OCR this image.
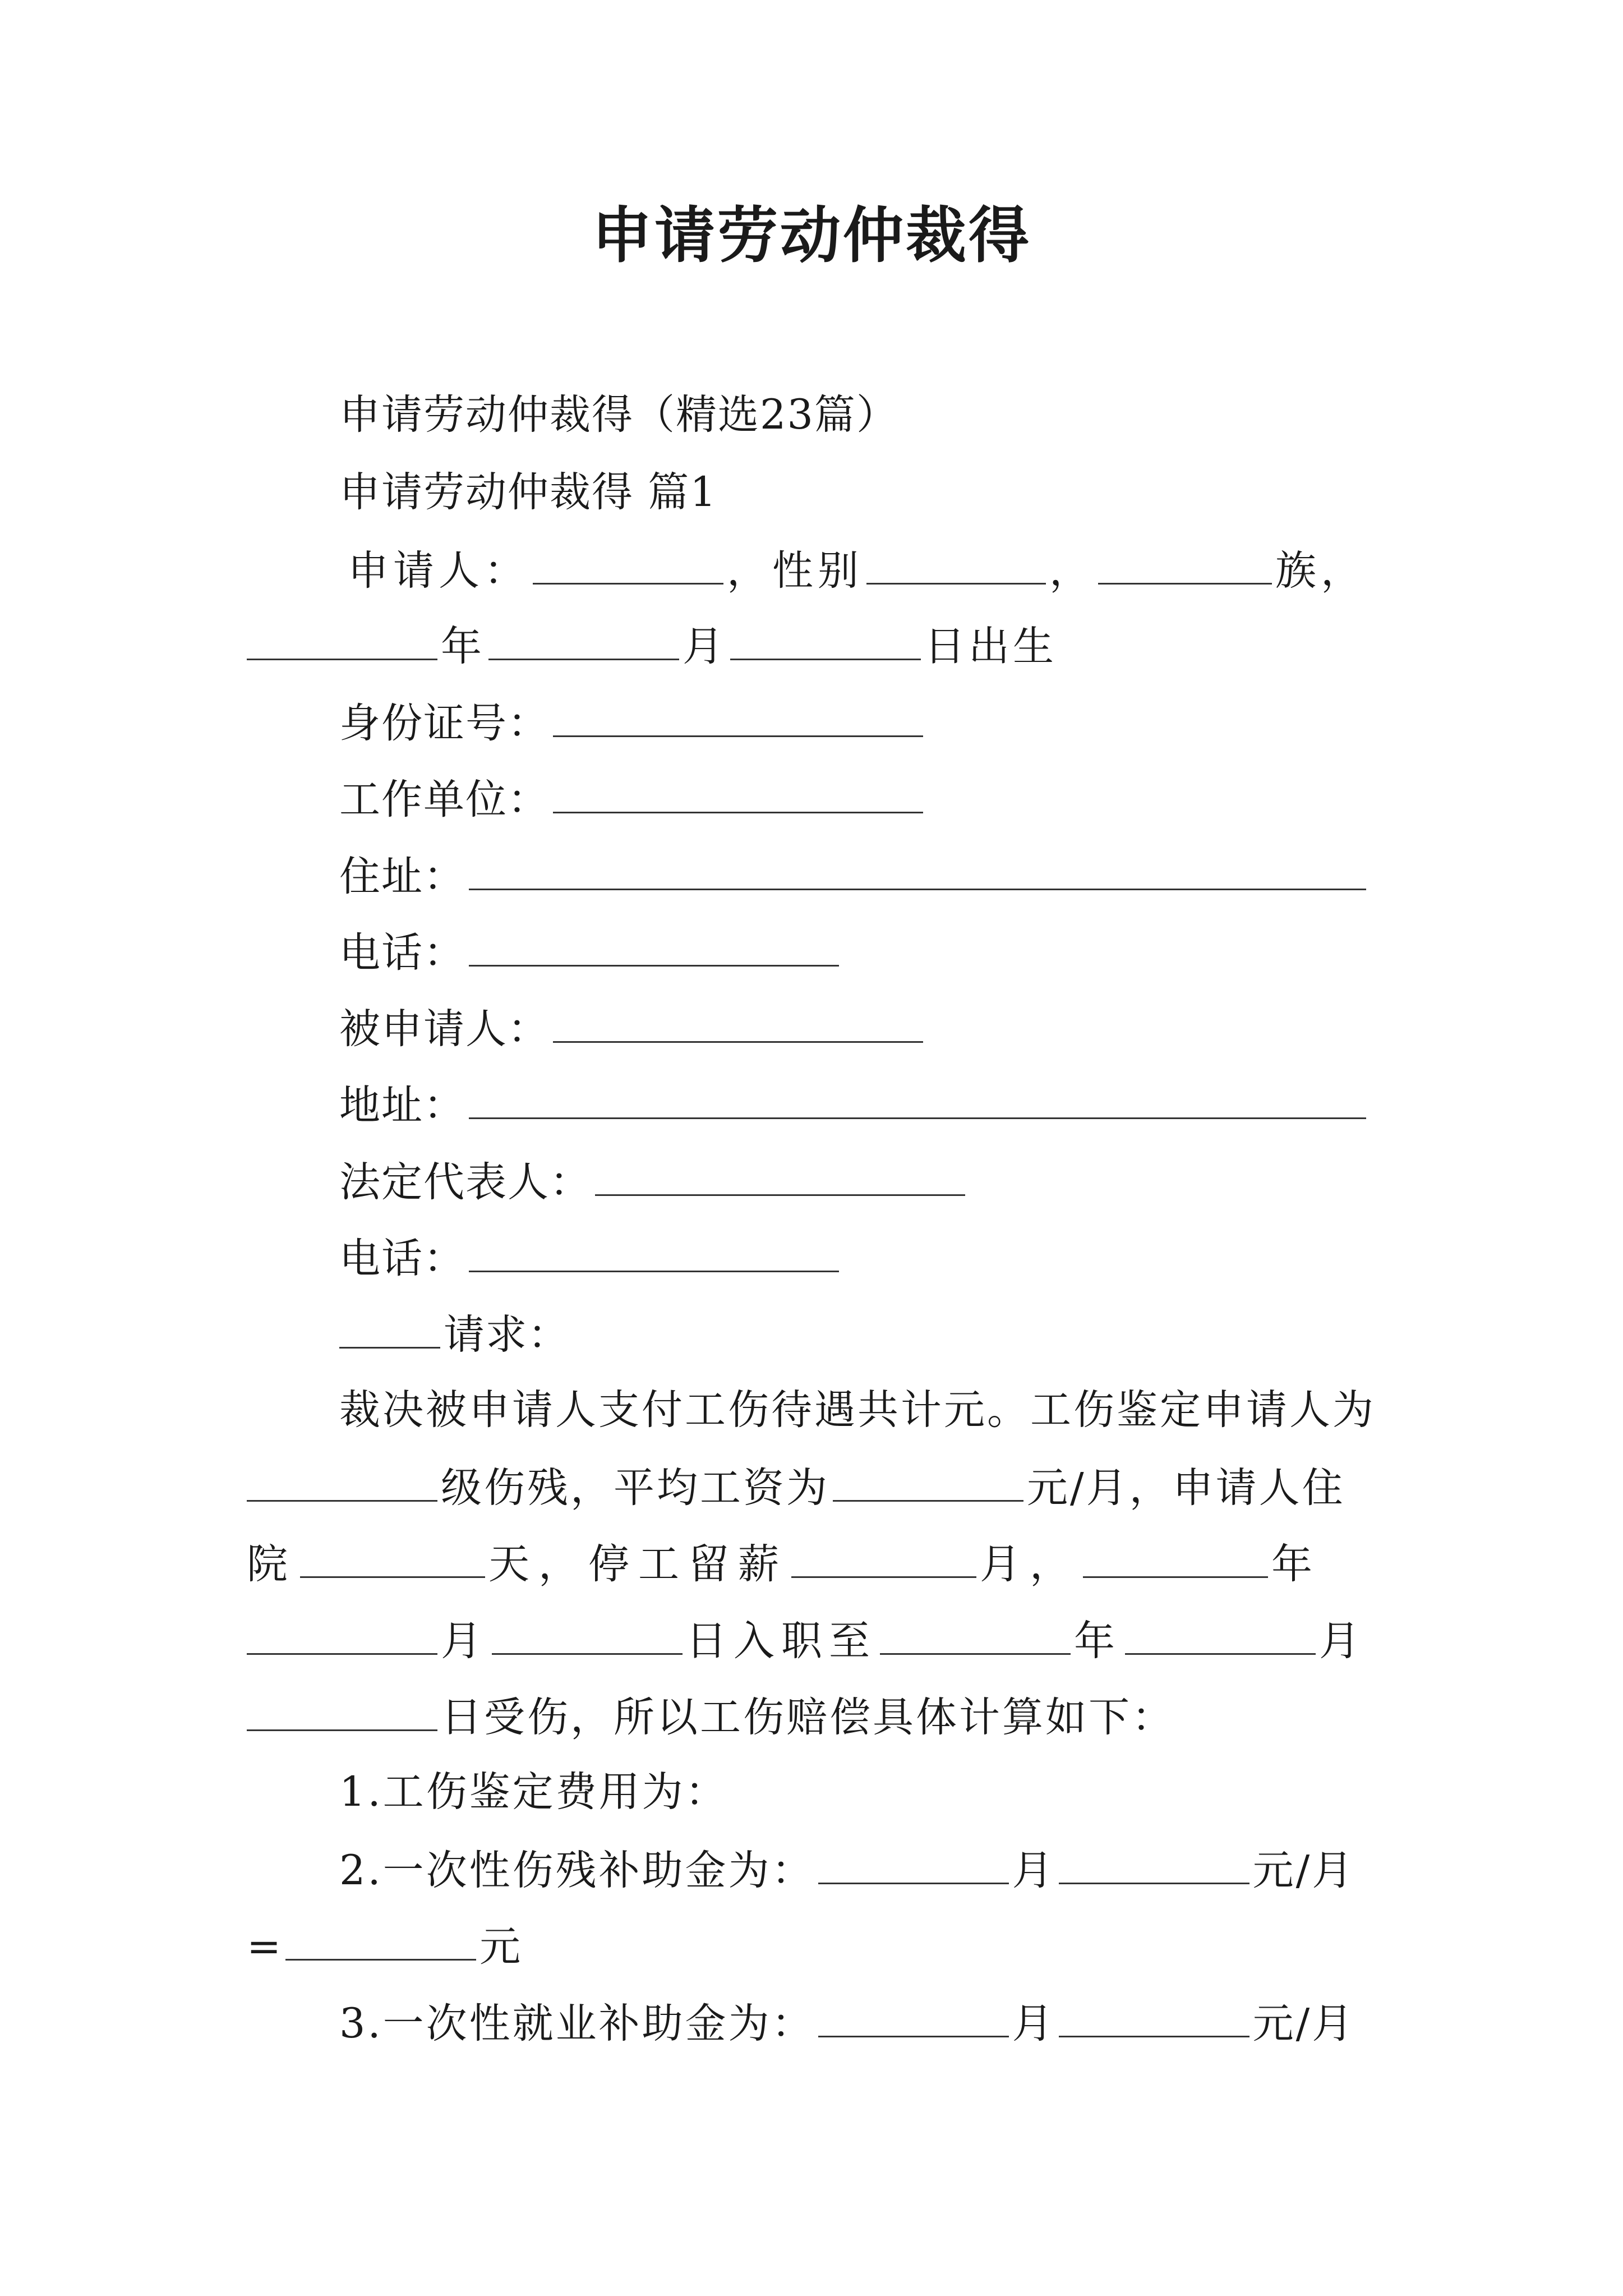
申请劳动仲裁得
申请劳动仲裁得（精选23篇）
申请劳动仲裁得 篇1
申请人：	，性别	，	族，
年	月	日出生
身份证号：
工作单位：
住址：
电话：
被申请人：
地址：
法定代表人：
电话：
请求：
裁决被申请人支付工伤待遇共计元。工伤鉴定申请人为
级伤残，平均工资为	元/月，申请人住
院	天，停工留薪	月，	年
月	日入职至	年	月
日受伤，所以工伤赔偿具体计算如下：
1.工伤鉴定费用为：
2.一次性伤残补助金为：	月	元/月
=	元
3.一次性就业补助金为：	月	元/月
